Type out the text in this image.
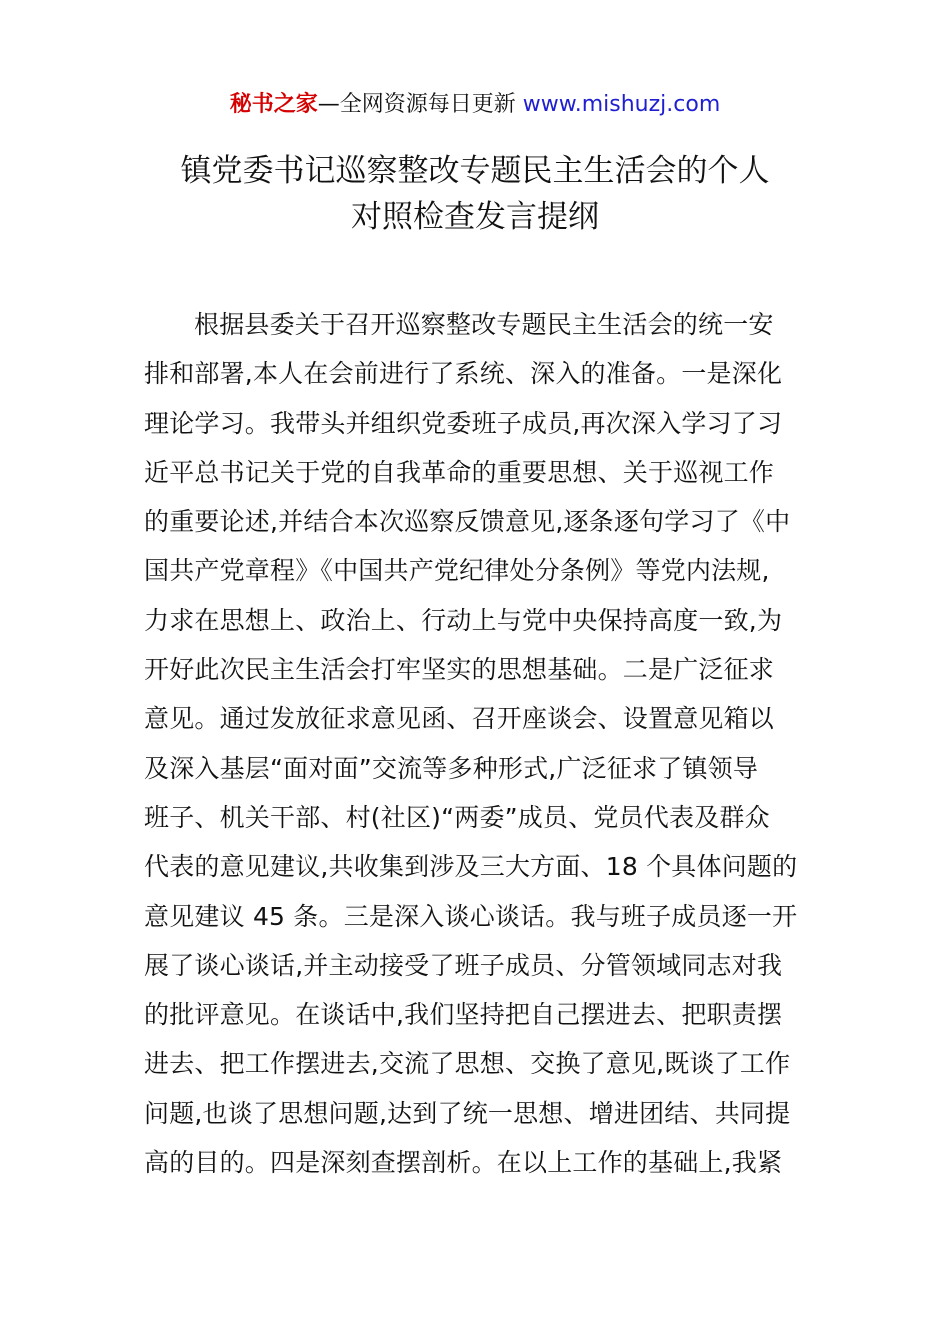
秘书之家—全网资源每日更新 www.mishuzj.com
镇党委书记巡察整改专题民主生活会的个人
对照检查发言提纲
根据县委关于召开巡察整改专题民主生活会的统一安
排和部署,本人在会前进行了系统、深入的准备。一是深化
理论学习。我带头并组织党委班子成员,再次深入学习了习
近平总书记关于党的自我革命的重要思想、关于巡视工作
的重要论述,并结合本次巡察反馈意见,逐条逐句学习了《中
国共产党章程》《中国共产党纪律处分条例》等党内法规,
力求在思想上、政治上、行动上与党中央保持高度一致,为
开好此次民主生活会打牢坚实的思想基础。二是广泛征求
意见。通过发放征求意见函、召开座谈会、设置意见箱以
及深入基层“面对面”交流等多种形式,广泛征求了镇领导
班子、机关干部、村(社区)“两委”成员、党员代表及群众
代表的意见建议,共收集到涉及三大方面、18 个具体问题的
意见建议 45 条。三是深入谈心谈话。我与班子成员逐一开
展了谈心谈话,并主动接受了班子成员、分管领域同志对我
的批评意见。在谈话中,我们坚持把自己摆进去、把职责摆
进去、把工作摆进去,交流了思想、交换了意见,既谈了工作
问题,也谈了思想问题,达到了统一思想、增进团结、共同提
高的目的。四是深刻查摆剖析。在以上工作的基础上,我紧
